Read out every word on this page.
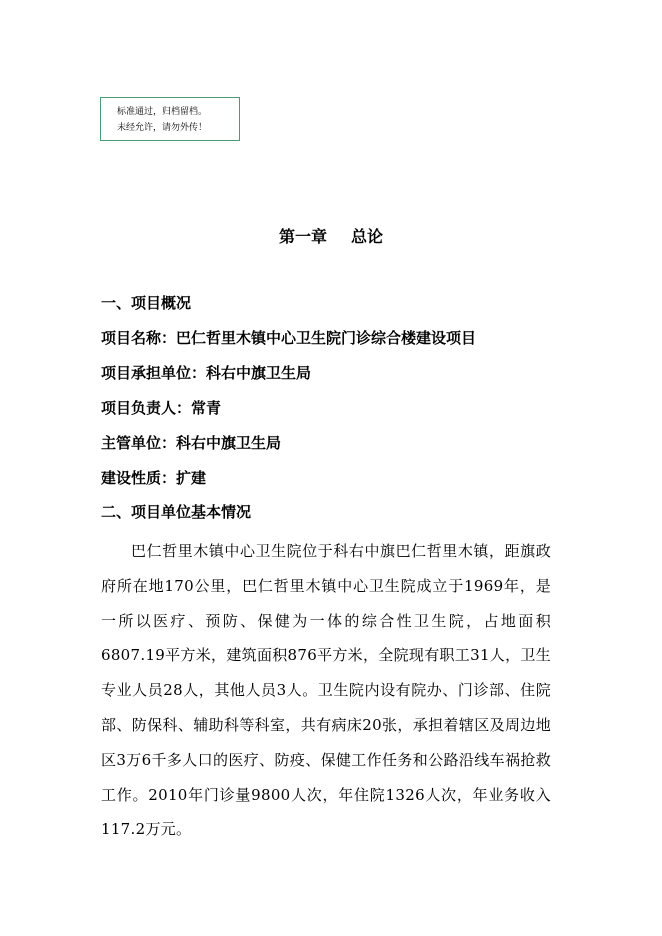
标准通过，归档留档。
未经允许，请勿外传！
第一章 总论
一、项目概况
项目名称：巴仁哲里木镇中心卫生院门诊综合楼建设项目
项目承担单位：科右中旗卫生局
项目负责人：常青
主管单位：科右中旗卫生局
建设性质：扩建
二、项目单位基本情况
巴仁哲里木镇中心卫生院位于科右中旗巴仁哲里木镇，距旗政府所在地170公里，巴仁哲里木镇中心卫生院成立于1969年，是一所以医疗、预防、保健为一体的综合性卫生院，占地面积6807.19平方米，建筑面积876平方米，全院现有职工31人，卫生专业人员28人，其他人员3人。卫生院内设有院办、门诊部、住院部、防保科、辅助科等科室，共有病床20张，承担着辖区及周边地区3万6千多人口的医疗、防疫、保健工作任务和公路沿线车祸抢救工作。2010年门诊量9800人次，年住院1326人次，年业务收入117.2万元。
